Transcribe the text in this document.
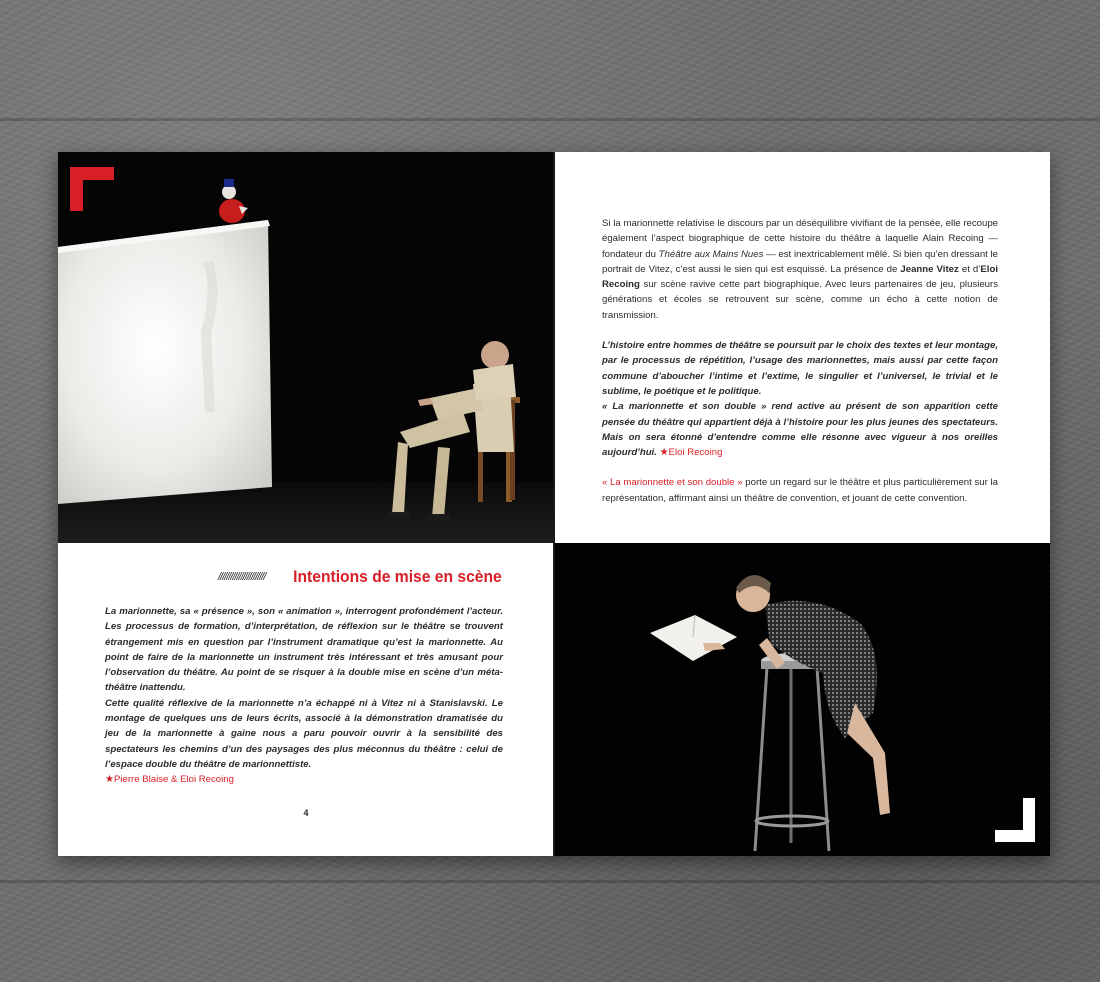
Si la marionnette relativise le discours par un déséquilibre vivifiant de la pensée, elle recoupe également l’aspect biographique de cette histoire du théâtre à laquelle Alain Recoing — fondateur du Théâtre aux Mains Nues — est inextricablement mêlé. Si bien qu’en dressant le portrait de Vitez, c’est aussi le sien qui est esquissé. La présence de Jeanne Vitez et d’Eloi Recoing sur scène ravive cette part biographique. Avec leurs partenaires de jeu, plusieurs générations et écoles se retrouvent sur scène, comme un écho à cette notion de transmission.

L’histoire entre hommes de théâtre se poursuit par le choix des textes et leur montage, par le processus de répétition, l’usage des marionnettes, mais aussi par cette façon commune d’aboucher l’intime et l’extime, le singulier et l’universel, le trivial et le sublime, le poétique et le politique.

« La marionnette et son double » rend active au présent de son apparition cette pensée du théâtre qui appartient déjà à l’histoire pour les plus jeunes des spectateurs. Mais on sera étonné d’entendre comme elle résonne avec vigueur à nos oreilles aujourd’hui. ★Eloi Recoing

« La marionnette et son double » porte un regard sur le théâtre et plus particulièrement sur la représentation, affirmant ainsi un théâtre de convention, et jouant de cette convention.

/////////////////////// Intentions de mise en scène

La marionnette, sa « présence », son « animation », interrogent profondément l’acteur. Les processus de formation, d’interprétation, de réflexion sur le théâtre se trouvent étrangement mis en question par l’instrument dramatique qu’est la marionnette. Au point de faire de la marionnette un instrument très intéressant et très amusant pour l’observation du théâtre. Au point de se risquer à la double mise en scène d’un méta-théâtre inattendu.

Cette qualité réflexive de la marionnette n’a échappé ni à Vitez ni à Stanislavski. Le montage de quelques uns de leurs écrits, associé à la démonstration dramatisée du jeu de la marionnette à gaine nous a paru pouvoir ouvrir à la sensibilité des spectateurs les chemins d’un des paysages des plus méconnus du théâtre : celui de l’espace double du théâtre de marionnettiste.

★Pierre Blaise & Eloi Recoing

4
